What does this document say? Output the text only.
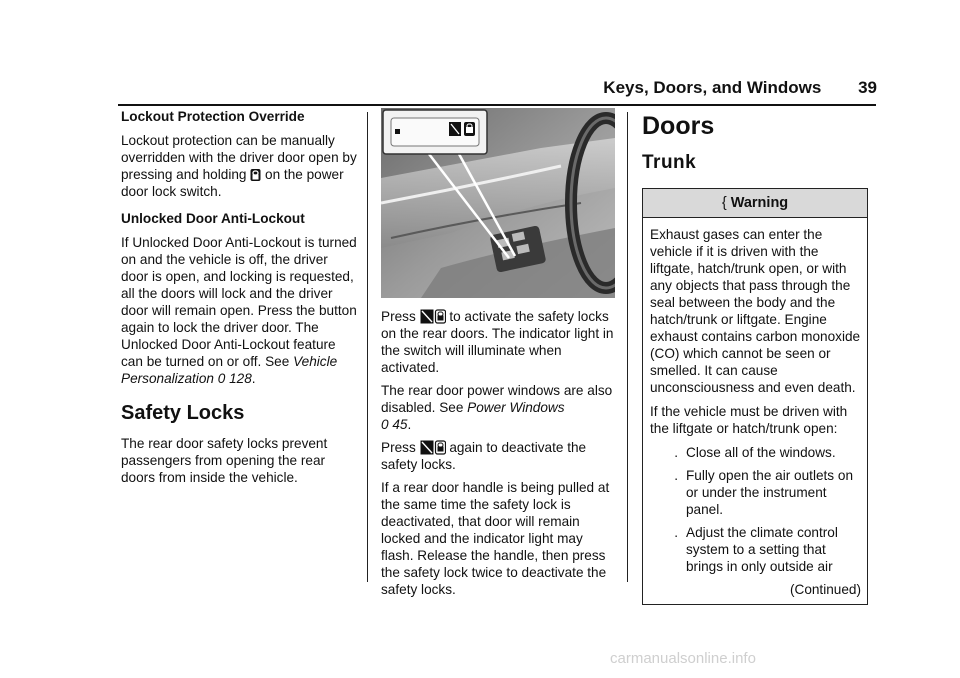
Keys, Doors, and Windows 39

Lockout Protection Override

Lockout protection can be manually overridden with the driver door open by pressing and holding on the power door lock switch.

Unlocked Door Anti-Lockout

If Unlocked Door Anti-Lockout is turned on and the vehicle is off, the driver door is open, and locking is requested, all the doors will lock and the driver door will remain open. Press the button again to lock the driver door. The Unlocked Door Anti-Lockout feature can be turned on or off. See Vehicle Personalization 0 128.

Safety Locks

The rear door safety locks prevent passengers from opening the rear doors from inside the vehicle.

Press to activate the safety locks on the rear doors. The indicator light in the switch will illuminate when activated.

The rear door power windows are also disabled. See Power Windows
0 45.

Press again to deactivate the safety locks.

If a rear door handle is being pulled at the same time the safety lock is deactivated, that door will remain locked and the indicator light may flash. Release the handle, then press the safety lock twice to deactivate the safety locks.

Doors
Trunk
{ Warning

Exhaust gases can enter the vehicle if it is driven with the liftgate, hatch/trunk open, or with any objects that pass through the seal between the body and the hatch/trunk or liftgate. Engine exhaust contains carbon monoxide (CO) which cannot be seen or smelled. It can cause unconsciousness and even death.

If the vehicle must be driven with the liftgate or hatch/trunk open:

. Close all of the windows.
. Fully open the air outlets on or under the instrument panel.
. Adjust the climate control system to a setting that brings in only outside air
(Continued)
carmanualsonline.info
